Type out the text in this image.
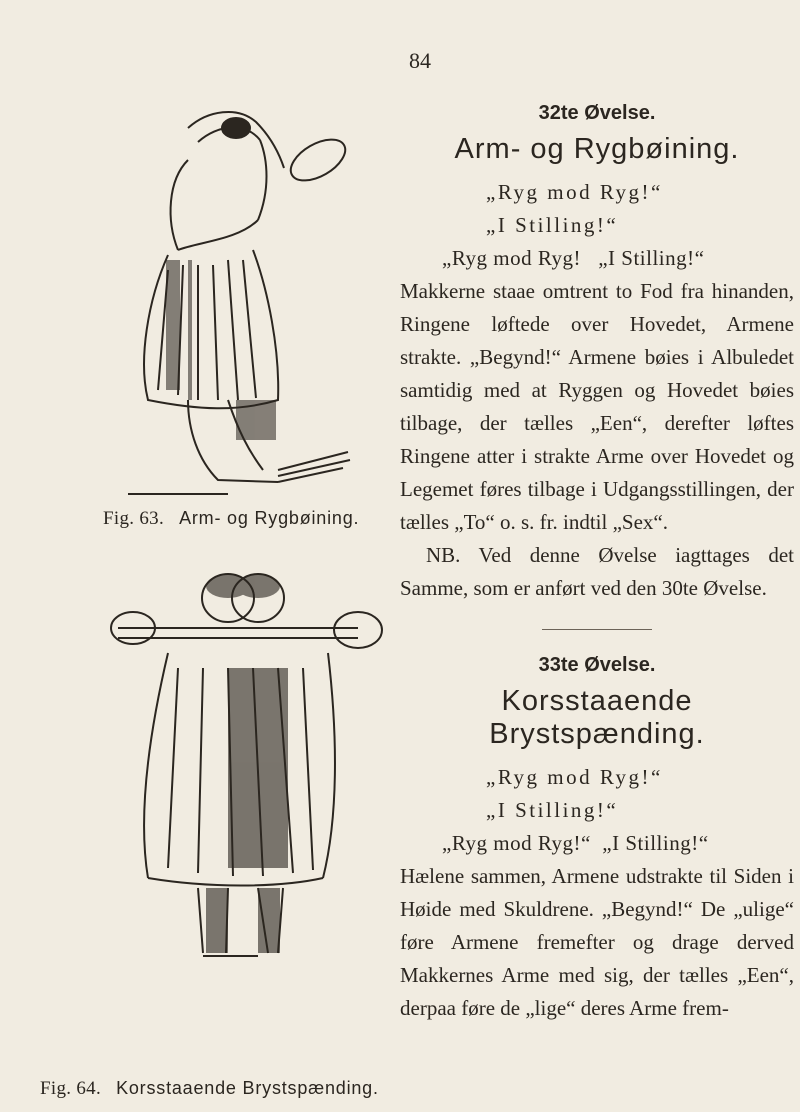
84
Fig. 63. Arm- og Rygbøining.
Fig. 64. Korsstaaende Brystspænding.

32te Øvelse.

Arm- og Rygbøining.

„Ryg mod Ryg!“

„I Stilling!“

„Ryg mod Ryg!   „I Stilling!“

Makkerne staae omtrent to Fod fra hinanden, Ringene løftede over Hovedet, Armene strakte. „Begynd!“ Armene bøies i Albuledet samtidig med at Ryggen og Hovedet bøies tilbage, der tælles „Een“, derefter løftes Ringene atter i strakte Arme over Hovedet og Legemet føres tilbage i Udgangsstillingen, der tælles „To“ o. s. fr. indtil „Sex“.

NB. Ved denne Øvelse iagttages det Samme, som er anført ved den 30te Øvelse.

33te Øvelse.

Korsstaaende Brystspænding.

„Ryg mod Ryg!“

„I Stilling!“

„Ryg mod Ryg!“  „I Stilling!“

Hælene sammen, Armene udstrakte til Siden i Høide med Skuldrene. „Begynd!“ De „ulige“ føre Armene fremefter og drage derved Makkernes Arme med sig, der tælles „Een“, derpaa føre de „lige“ deres Arme frem-
